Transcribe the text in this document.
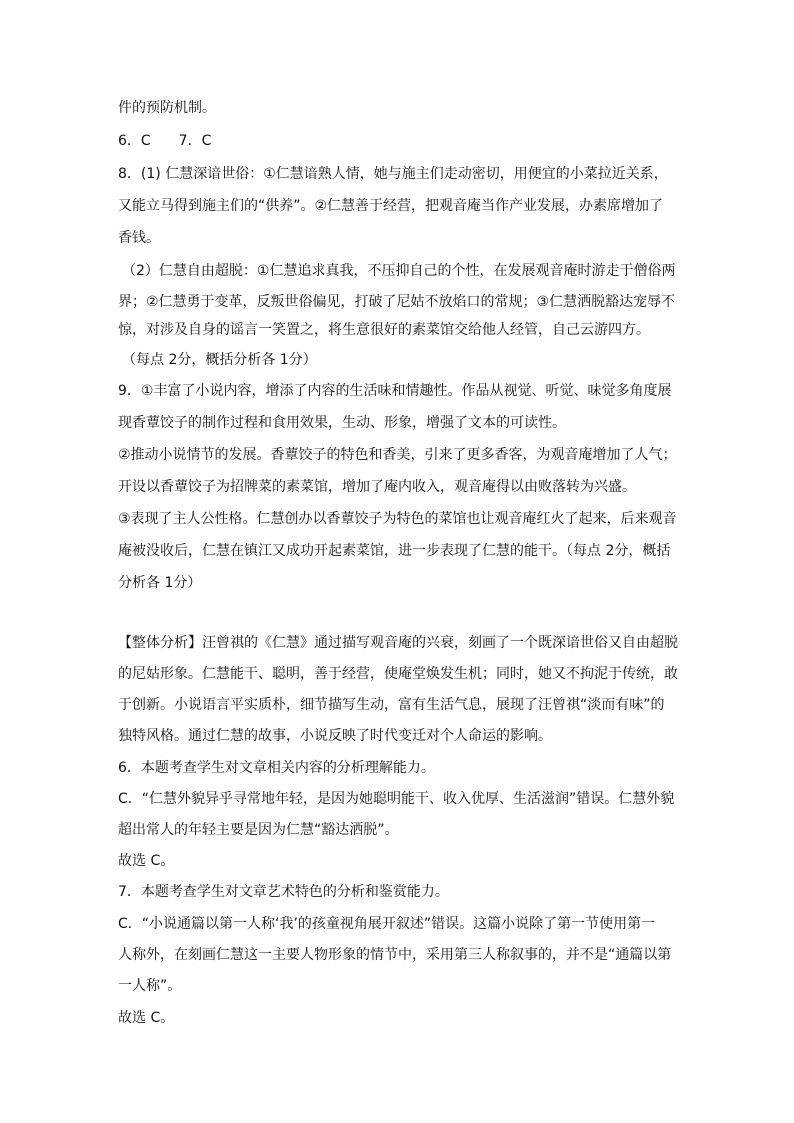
件的预防机制。
6．C　　7．C
8．(1) 仁慧深谙世俗：①仁慧谙熟人情，她与施主们走动密切，用便宜的小菜拉近关系，
又能立马得到施主们的“供养”。②仁慧善于经营，把观音庵当作产业发展，办素席增加了
香钱。
（2）仁慧自由超脱：①仁慧追求真我，不压抑自己的个性，在发展观音庵时游走于僧俗两
界；②仁慧勇于变革，反叛世俗偏见，打破了尼姑不放焰口的常规；③仁慧洒脱豁达宠辱不
惊，对涉及自身的谣言一笑置之，将生意很好的素菜馆交给他人经管，自己云游四方。
（每点 2分，概括分析各 1分）
9．①丰富了小说内容，增添了内容的生活味和情趣性。作品从视觉、听觉、味觉多角度展
现香蕈饺子的制作过程和食用效果，生动、形象，增强了文本的可读性。
②推动小说情节的发展。香蕈饺子的特色和香美，引来了更多香客，为观音庵增加了人气；
开设以香蕈饺子为招牌菜的素菜馆，增加了庵内收入，观音庵得以由败落转为兴盛。
③表现了主人公性格。仁慧创办以香蕈饺子为特色的菜馆也让观音庵红火了起来，后来观音
庵被没收后，仁慧在镇江又成功开起素菜馆，进一步表现了仁慧的能干。（每点 2分，概括
分析各 1分）
【整体分析】汪曾祺的《仁慧》通过描写观音庵的兴衰，刻画了一个既深谙世俗又自由超脱
的尼姑形象。仁慧能干、聪明，善于经营，使庵堂焕发生机；同时，她又不拘泥于传统，敢
于创新。小说语言平实质朴，细节描写生动，富有生活气息，展现了汪曾祺“淡而有味”的
独特风格。通过仁慧的故事，小说反映了时代变迁对个人命运的影响。
6．本题考查学生对文章相关内容的分析理解能力。
C．“仁慧外貌异乎寻常地年轻，是因为她聪明能干、收入优厚、生活滋润”错误。仁慧外貌
超出常人的年轻主要是因为仁慧“豁达洒脱”。
故选 C。
7．本题考查学生对文章艺术特色的分析和鉴赏能力。
C．“小说通篇以第一人称‘我’的孩童视角展开叙述”错误。这篇小说除了第一节使用第一
人称外，在刻画仁慧这一主要人物形象的情节中，采用第三人称叙事的，并不是“通篇以第
一人称”。
故选 C。
